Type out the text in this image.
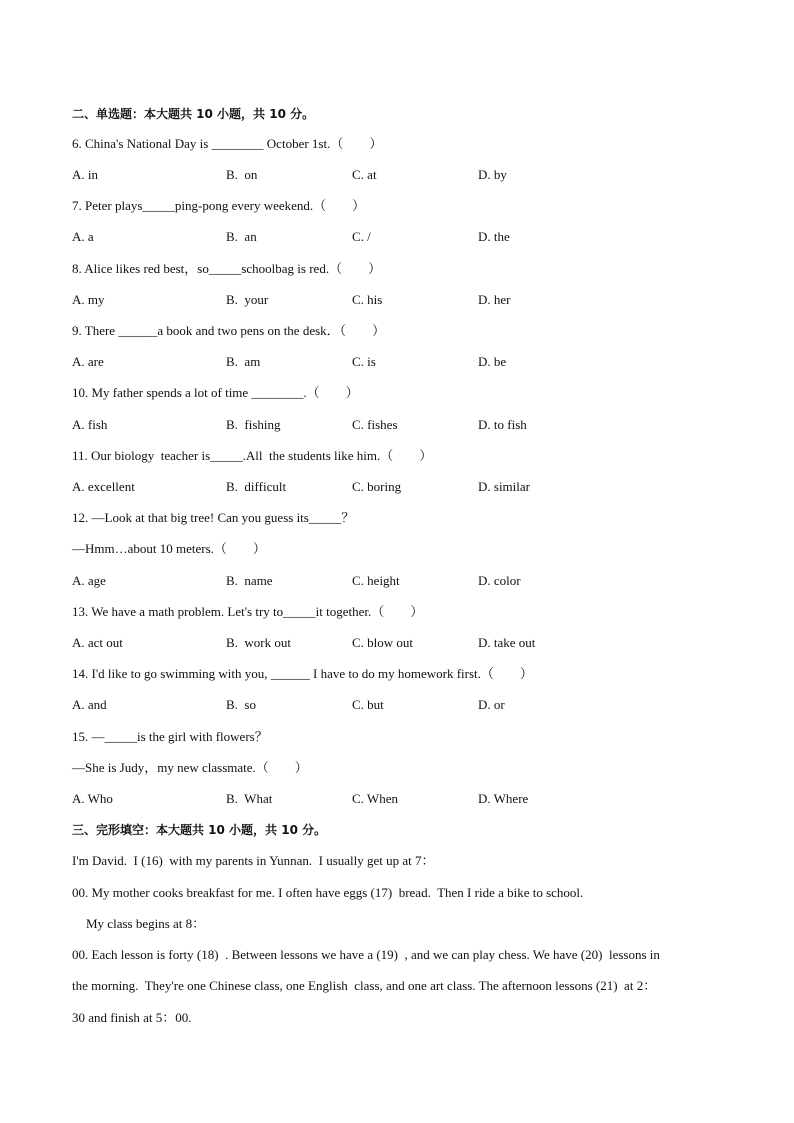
二、单选题：本大题共 10 小题，共 10 分。
6. China's National Day is ________ October 1st.（　　）
A. in	B.  on	C. at	D. by
7. Peter plays_____ping-pong every weekend.（　　）
A. a	B.  an	C. /	D. the
8. Alice likes red best，so_____schoolbag is red.（　　）
A. my	B.  your	C. his	D. her
9. There ______a book and two pens on the desk．（　　）
A. are	B.  am	C. is	D. be
10. My father spends a lot of time ________.（　　）
A. fish	B.  fishing	C. fishes	D. to fish
11. Our biology  teacher is_____.All  the students like him.（　　）
A. excellent	B.  difficult	C. boring	D. similar
12. —Look at that big tree! Can you guess its_____？
—Hmm…about 10 meters.（　　）
A. age	B.  name	C. height	D. color
13. We have a math problem. Let's try to_____it together.（　　）
A. act out	B.  work out	C. blow out	D. take out
14. I'd like to go swimming with you, ______ I have to do my homework first.（　　）
A. and	B.  so	C. but	D. or
15. —_____is the girl with flowers？
—She is Judy，my new classmate.（　　）
A. Who	B.  What	C. When	D. Where
三、完形填空：本大题共 10 小题，共 10 分。
I'm David.  I (16)  with my parents in Yunnan.  I usually get up at 7：
00. My mother cooks breakfast for me. I often have eggs (17)  bread.  Then I ride a bike to school.
My class begins at 8：
00. Each lesson is forty (18)  . Between lessons we have a (19)  , and we can play chess. We have (20)  lessons in
the morning.  They're one Chinese class, one English  class, and one art class. The afternoon lessons (21)  at 2：
30 and finish at 5：00.
